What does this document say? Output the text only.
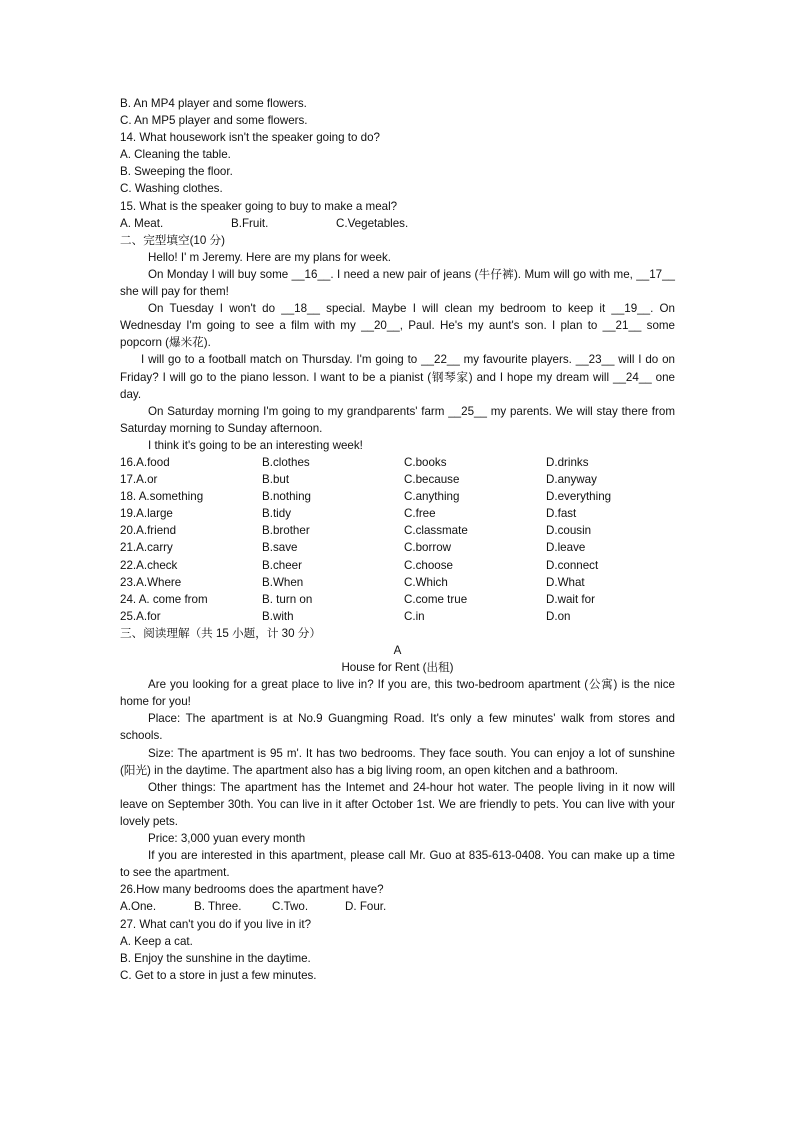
B. An MP4 player and some flowers.
C. An MP5 player and some flowers.
14. What housework isn't the speaker going to do?
A. Cleaning the table.
B. Sweeping the floor.
C. Washing clothes.
15. What is the speaker going to buy to make a meal?
A. Meat.	B.Fruit.	C.Vegetables.
二、完型填空(10 分)
Hello! I' m Jeremy. Here are my plans for week.
On Monday I will buy some __16__. I need a new pair of jeans (牛仔裤). Mum will go with me, __17__ she will pay for them!
On Tuesday I won't do __18__ special. Maybe I will clean my bedroom to keep it __19__. On Wednesday I'm going to see a film with my __20__, Paul. He's my aunt's son. I plan to __21__ some popcorn (爆米花).
I will go to a football match on Thursday. I'm going to __22__ my favourite players. __23__ will I do on Friday? I will go to the piano lesson. I want to be a pianist (钢琴家) and I hope my dream will __24__ one day.
On Saturday morning I'm going to my grandparents' farm __25__ my parents. We will stay there from Saturday morning to Sunday afternoon.
I think it's going to be an interesting week!
16.A.food	B.clothes	C.books	D.drinks
17.A.or	B.but	C.because	D.anyway
18. A.something	B.nothing	C.anything	D.everything
19.A.large	B.tidy	C.free	D.fast
20.A.friend	B.brother	C.classmate	D.cousin
21.A.carry	B.save	C.borrow	D.leave
22.A.check	B.cheer	C.choose	D.connect
23.A.Where	B.When	C.Which	D.What
24. A. come from	B. turn on	C.come true	D.wait for
25.A.for	B.with	C.in	D.on
三、阅读理解（共 15 小题，计 30 分）
A
House for Rent (出租)
Are you looking for a great place to live in? If you are, this two-bedroom apartment (公寓) is the nice home for you!
Place: The apartment is at No.9 Guangming Road. It's only a few minutes' walk from stores and schools.
Size: The apartment is 95 m'. It has two bedrooms. They face south. You can enjoy a lot of sunshine (阳光) in the daytime. The apartment also has a big living room, an open kitchen and a bathroom.
Other things: The apartment has the Intemet and 24-hour hot water. The people living in it now will leave on September 30th. You can live in it after October 1st. We are friendly to pets. You can live with your lovely pets.
Price: 3,000 yuan every month
If you are interested in this apartment, please call Mr. Guo at 835-613-0408. You can make up a time to see the apartment.
26.How many bedrooms does the apartment have?
A.One.	B. Three.	C.Two.	D. Four.
27. What can't you do if you live in it?
A. Keep a cat.
B. Enjoy the sunshine in the daytime.
C. Get to a store in just a few minutes.
